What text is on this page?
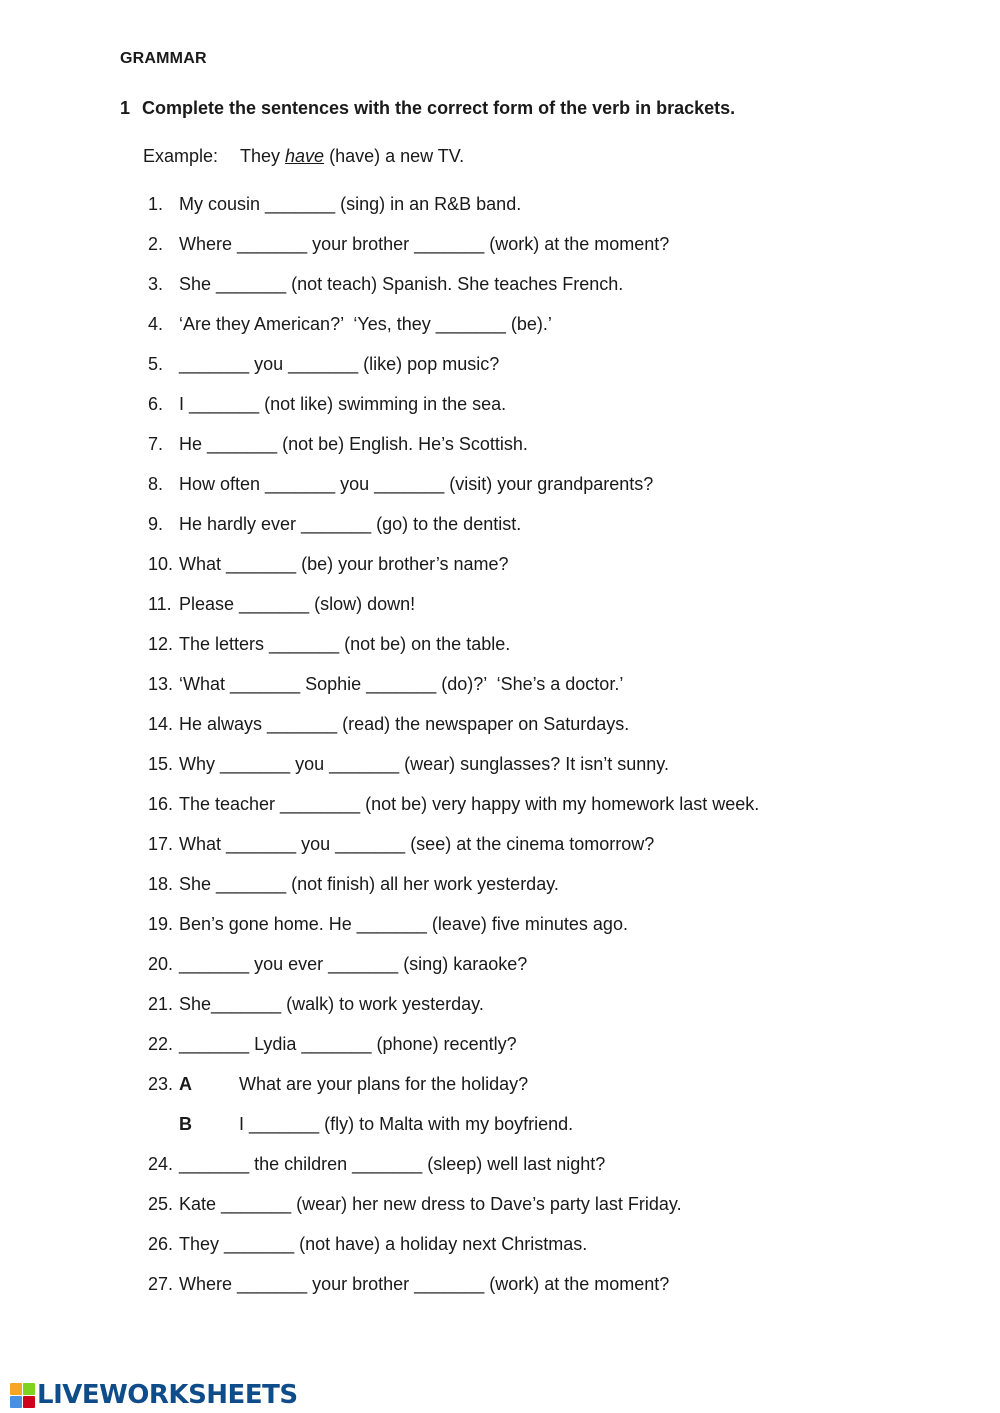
GRAMMAR
1 Complete the sentences with the correct form of the verb in brackets.
Example: They have (have) a new TV.
1. My cousin _______ (sing) in an R&B band.
2. Where _______ your brother _______ (work) at the moment?
3. She _______ (not teach) Spanish. She teaches French.
4. ‘Are they American?’  ‘Yes, they _______ (be).’
5. _______ you _______ (like) pop music?
6. I _______ (not like) swimming in the sea.
7. He _______ (not be) English. He’s Scottish.
8. How often _______ you _______ (visit) your grandparents?
9. He hardly ever _______ (go) to the dentist.
10. What _______ (be) your brother’s name?
11. Please _______ (slow) down!
12. The letters _______ (not be) on the table.
13. ‘What _______ Sophie _______ (do)?’  ‘She’s a doctor.’
14. He always _______ (read) the newspaper on Saturdays.
15. Why _______ you _______ (wear) sunglasses? It isn’t sunny.
16. The teacher ________ (not be) very happy with my homework last week.
17. What _______ you _______ (see) at the cinema tomorrow?
18. She _______ (not finish) all her work yesterday.
19. Ben’s gone home. He _______ (leave) five minutes ago.
20. _______ you ever _______ (sing) karaoke?
21. She_______ (walk) to work yesterday.
22. _______ Lydia _______ (phone) recently?
23. A	What are your plans for the holiday?
B	I _______ (fly) to Malta with my boyfriend.
24. _______ the children _______ (sleep) well last night?
25. Kate _______ (wear) her new dress to Dave’s party last Friday.
26. They _______ (not have) a holiday next Christmas.
27. Where _______ your brother _______ (work) at the moment?
LIVEWORKSHEETS
